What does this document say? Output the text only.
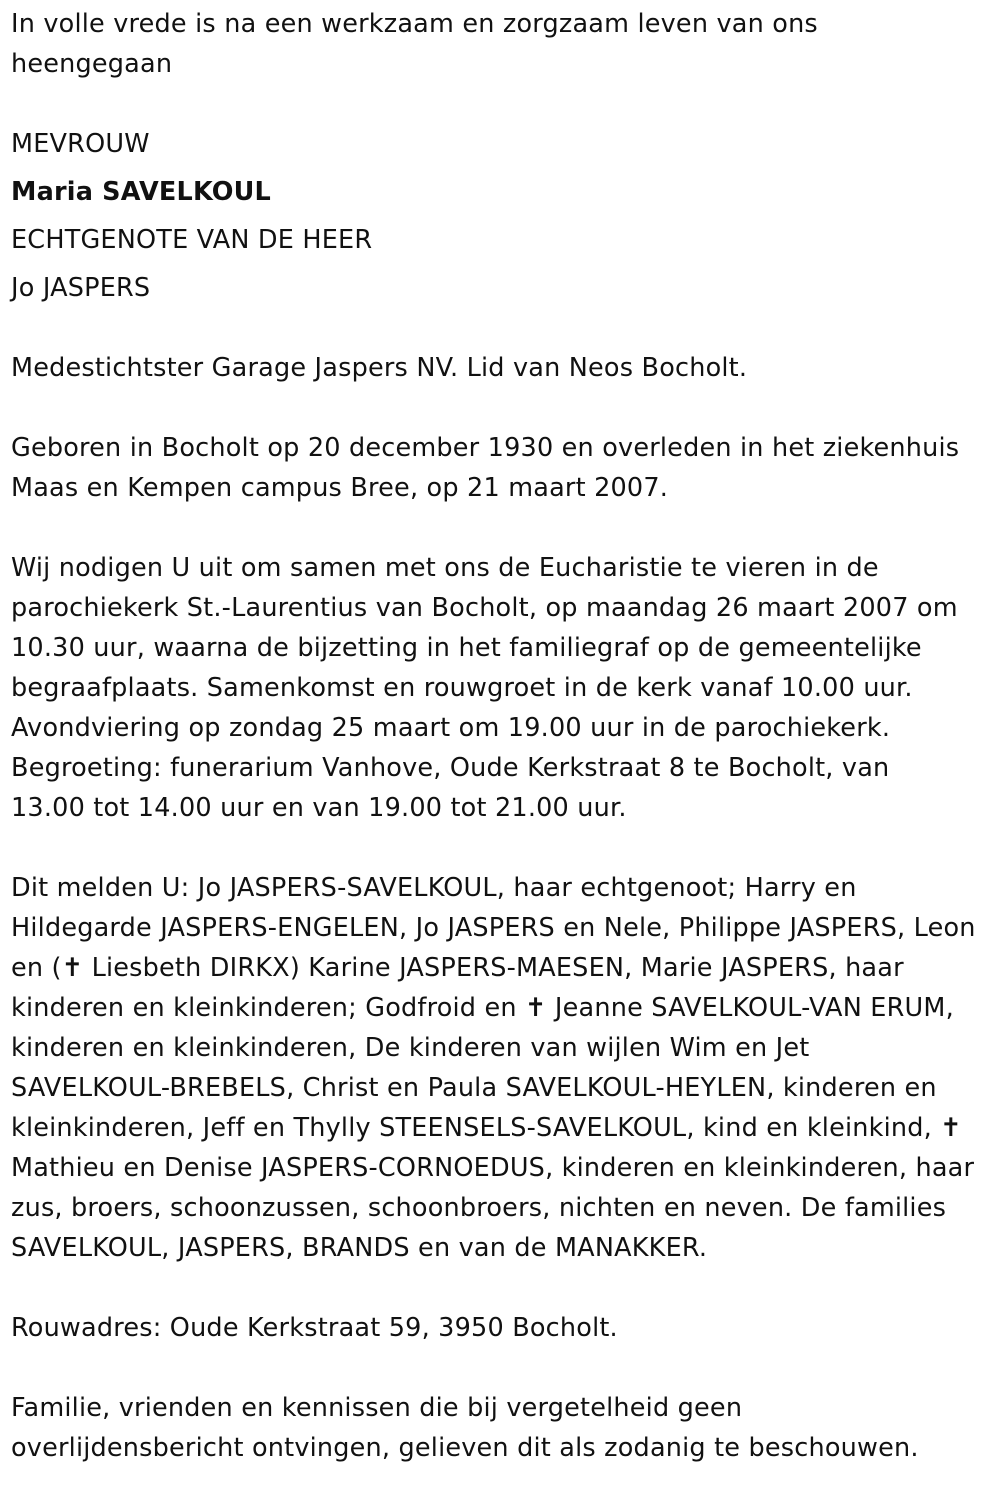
In volle vrede is na een werkzaam en zorgzaam leven van ons
heengegaan
MEVROUW
Maria SAVELKOUL
ECHTGENOTE VAN DE HEER
Jo JASPERS
Medestichtster Garage Jaspers NV. Lid van Neos Bocholt.
Geboren in Bocholt op 20 december 1930 en overleden in het ziekenhuis
Maas en Kempen campus Bree, op 21 maart 2007.
Wij nodigen U uit om samen met ons de Eucharistie te vieren in de
parochiekerk St.-Laurentius van Bocholt, op maandag 26 maart 2007 om
10.30 uur, waarna de bijzetting in het familiegraf op de gemeentelijke
begraafplaats. Samenkomst en rouwgroet in de kerk vanaf 10.00 uur.
Avondviering op zondag 25 maart om 19.00 uur in de parochiekerk.
Begroeting: funerarium Vanhove, Oude Kerkstraat 8 te Bocholt, van
13.00 tot 14.00 uur en van 19.00 tot 21.00 uur.
Dit melden U: Jo JASPERS-SAVELKOUL, haar echtgenoot; Harry en
Hildegarde JASPERS-ENGELEN, Jo JASPERS en Nele, Philippe JASPERS, Leon
en (✝ Liesbeth DIRKX) Karine JASPERS-MAESEN, Marie JASPERS, haar
kinderen en kleinkinderen; Godfroid en ✝ Jeanne SAVELKOUL-VAN ERUM,
kinderen en kleinkinderen, De kinderen van wijlen Wim en Jet
SAVELKOUL-BREBELS, Christ en Paula SAVELKOUL-HEYLEN, kinderen en
kleinkinderen, Jeff en Thylly STEENSELS-SAVELKOUL, kind en kleinkind, ✝
Mathieu en Denise JASPERS-CORNOEDUS, kinderen en kleinkinderen, haar
zus, broers, schoonzussen, schoonbroers, nichten en neven. De families
SAVELKOUL, JASPERS, BRANDS en van de MANAKKER.
Rouwadres: Oude Kerkstraat 59, 3950 Bocholt.
Familie, vrienden en kennissen die bij vergetelheid geen
overlijdensbericht ontvingen, gelieven dit als zodanig te beschouwen.
